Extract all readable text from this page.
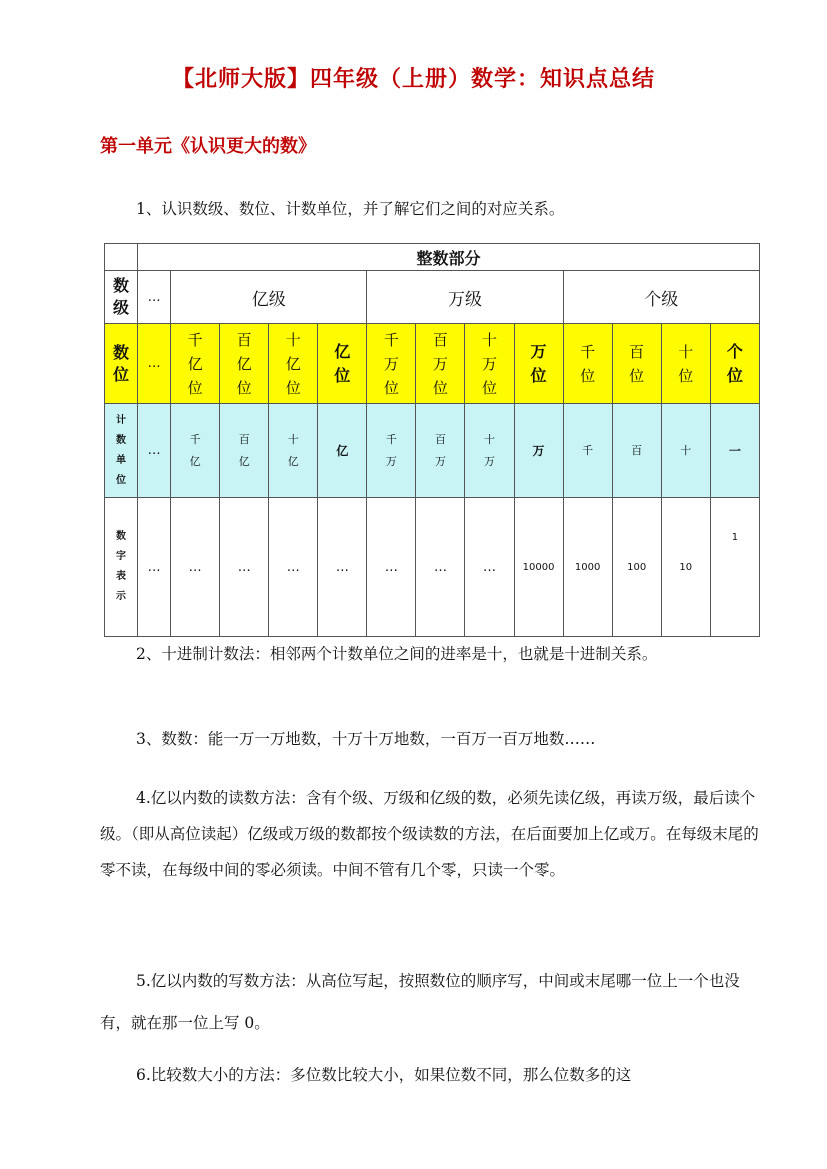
【北师大版】四年级（上册）数学：知识点总结
第一单元《认识更大的数》
1、认识数级、数位、计数单位，并了解它们之间的对应关系。
	整数部分												
数级	…	亿级				万级				个级			
数位	…	千亿位	百亿位	十亿位	亿位	千万位	百万位	十万位	万位	千位	百位	十位	个位
计数单位	…	千亿	百亿	十亿	亿	千万	百万	十万	万	千	百	十	一
数字表示	…	…	…	…	…	…	…	…	10000	1000	100	10	1
2、十进制计数法：相邻两个计数单位之间的进率是十，也就是十进制关系。
3、数数：能一万一万地数，十万十万地数，一百万一百万地数……
4.亿以内数的读数方法：含有个级、万级和亿级的数，必须先读亿级，再读万级，最后读个级。（即从高位读起）亿级或万级的数都按个级读数的方法，在后面要加上亿或万。在每级末尾的零不读，在每级中间的零必须读。中间不管有几个零，只读一个零。
5.亿以内数的写数方法：从高位写起，按照数位的顺序写，中间或末尾哪一位上一个也没有，就在那一位上写 0。
6.比较数大小的方法：多位数比较大小，如果位数不同，那么位数多的这
